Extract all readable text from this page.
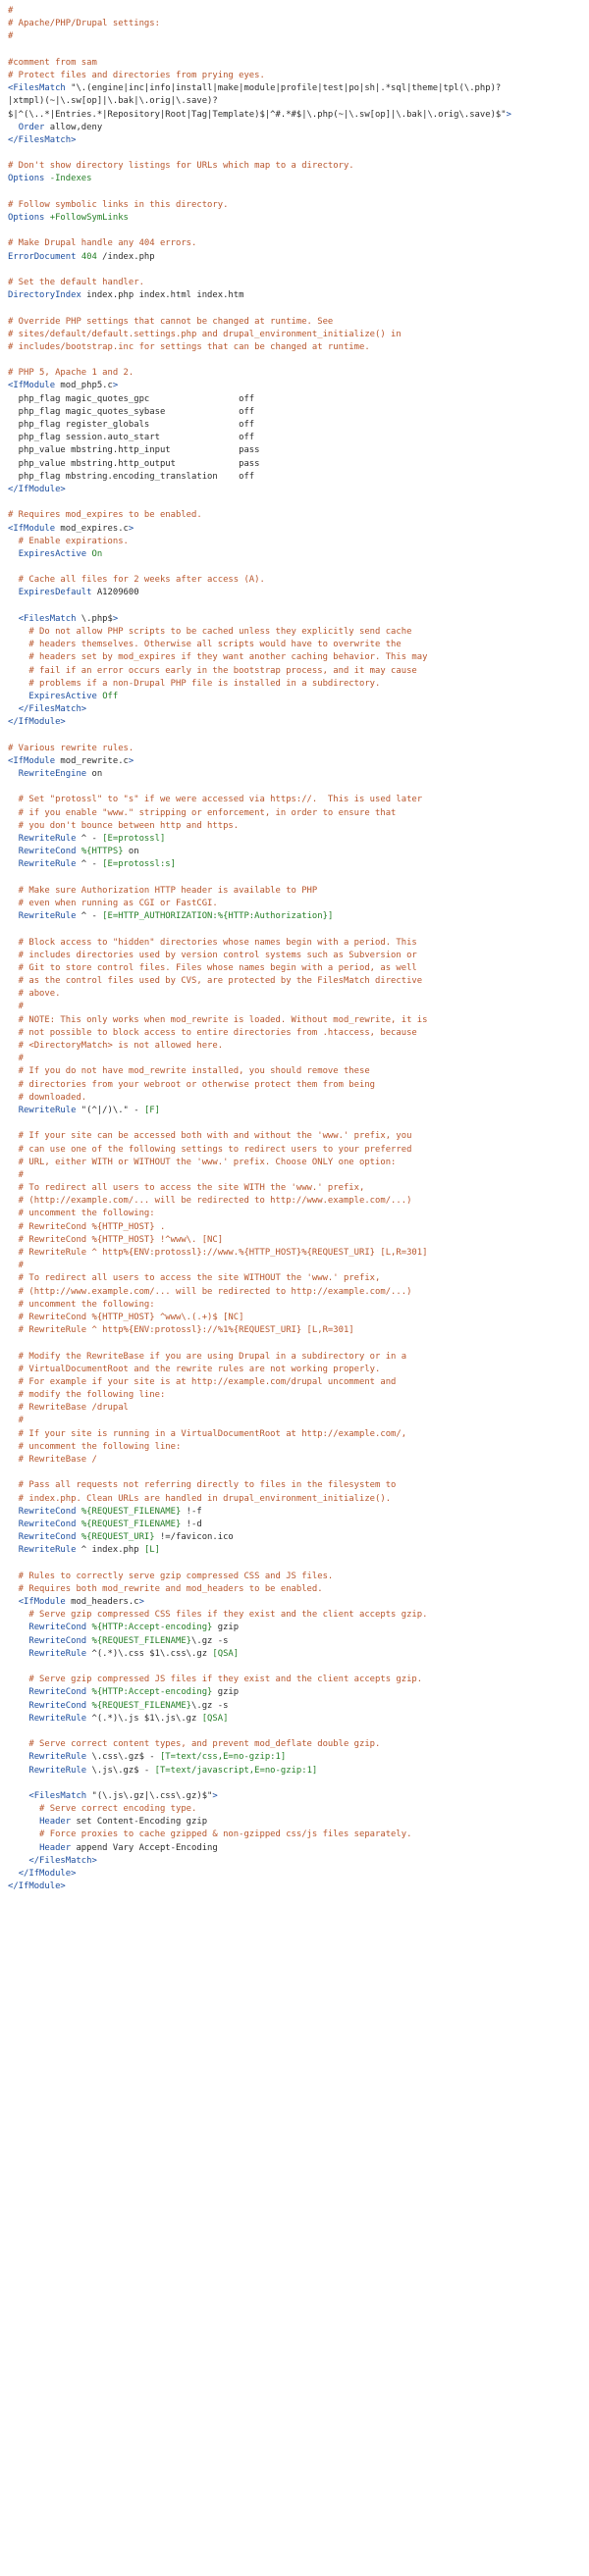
#
# Apache/PHP/Drupal settings:
#
#comment from sam
# Protect files and directories from prying eyes.
<FilesMatch "\.(engine|inc|info|install|make|module|profile|test|po|sh|.*sql|theme|tpl(\.php)?
|xtmpl)(~|\.sw[op]|\.bak|\.orig|\.save)?
$|^(\..*|Entries.*|Repository|Root|Tag|Template)$|^#.*#$|\.php(~|\.sw[op]|\.bak|\.orig\.save)$">
Order allow,deny
</FilesMatch>
# Don't show directory listings for URLs which map to a directory.
Options -Indexes
# Follow symbolic links in this directory.
Options +FollowSymLinks
# Make Drupal handle any 404 errors.
ErrorDocument 404 /index.php
# Set the default handler.
DirectoryIndex index.php index.html index.htm
# Override PHP settings that cannot be changed at runtime. See
# sites/default/default.settings.php and drupal_environment_initialize() in
# includes/bootstrap.inc for settings that can be changed at runtime.
# PHP 5, Apache 1 and 2.
<IfModule mod_php5.c>
php_flag magic_quotes_gpc                 off
php_flag magic_quotes_sybase              off
php_flag register_globals                 off
php_flag session.auto_start               off
php_value mbstring.http_input             pass
php_value mbstring.http_output            pass
php_flag mbstring.encoding_translation    off
</IfModule>
# Requires mod_expires to be enabled.
<IfModule mod_expires.c>
# Enable expirations.
ExpiresActive On
# Cache all files for 2 weeks after access (A).
ExpiresDefault A1209600
<FilesMatch \.php$>
# Do not allow PHP scripts to be cached unless they explicitly send cache
# headers themselves. Otherwise all scripts would have to overwrite the
# headers set by mod_expires if they want another caching behavior. This may
# fail if an error occurs early in the bootstrap process, and it may cause
# problems if a non-Drupal PHP file is installed in a subdirectory.
ExpiresActive Off
</FilesMatch>
</IfModule>
# Various rewrite rules.
<IfModule mod_rewrite.c>
RewriteEngine on
# Set "protossl" to "s" if we were accessed via https://.  This is used later
# if you enable "www." stripping or enforcement, in order to ensure that
# you don't bounce between http and https.
RewriteRule ^ - [E=protossl]
RewriteCond %{HTTPS} on
RewriteRule ^ - [E=protossl:s]
# Make sure Authorization HTTP header is available to PHP
# even when running as CGI or FastCGI.
RewriteRule ^ - [E=HTTP_AUTHORIZATION:%{HTTP:Authorization}]
# Block access to "hidden" directories whose names begin with a period. This
# includes directories used by version control systems such as Subversion or
# Git to store control files. Files whose names begin with a period, as well
# as the control files used by CVS, are protected by the FilesMatch directive
# above.
#
# NOTE: This only works when mod_rewrite is loaded. Without mod_rewrite, it is
# not possible to block access to entire directories from .htaccess, because
# <DirectoryMatch> is not allowed here.
#
# If you do not have mod_rewrite installed, you should remove these
# directories from your webroot or otherwise protect them from being
# downloaded.
RewriteRule "(^|/)\." - [F]
# If your site can be accessed both with and without the 'www.' prefix, you
# can use one of the following settings to redirect users to your preferred
# URL, either WITH or WITHOUT the 'www.' prefix. Choose ONLY one option:
#
# To redirect all users to access the site WITH the 'www.' prefix,
# (http://example.com/... will be redirected to http://www.example.com/...)
# uncomment the following:
# RewriteCond %{HTTP_HOST} .
# RewriteCond %{HTTP_HOST} !^www\. [NC]
# RewriteRule ^ http%{ENV:protossl}://www.%{HTTP_HOST}%{REQUEST_URI} [L,R=301]
#
# To redirect all users to access the site WITHOUT the 'www.' prefix,
# (http://www.example.com/... will be redirected to http://example.com/...)
# uncomment the following:
# RewriteCond %{HTTP_HOST} ^www\.(.+)$ [NC]
# RewriteRule ^ http%{ENV:protossl}://%1%{REQUEST_URI} [L,R=301]
# Modify the RewriteBase if you are using Drupal in a subdirectory or in a
# VirtualDocumentRoot and the rewrite rules are not working properly.
# For example if your site is at http://example.com/drupal uncomment and
# modify the following line:
# RewriteBase /drupal
#
# If your site is running in a VirtualDocumentRoot at http://example.com/,
# uncomment the following line:
# RewriteBase /
# Pass all requests not referring directly to files in the filesystem to
# index.php. Clean URLs are handled in drupal_environment_initialize().
RewriteCond %{REQUEST_FILENAME} !-f
RewriteCond %{REQUEST_FILENAME} !-d
RewriteCond %{REQUEST_URI} !=/favicon.ico
RewriteRule ^ index.php [L]
# Rules to correctly serve gzip compressed CSS and JS files.
# Requires both mod_rewrite and mod_headers to be enabled.
<IfModule mod_headers.c>
# Serve gzip compressed CSS files if they exist and the client accepts gzip.
RewriteCond %{HTTP:Accept-encoding} gzip
RewriteCond %{REQUEST_FILENAME}\.gz -s
RewriteRule ^(.*)\.css $1\.css\.gz [QSA]
# Serve gzip compressed JS files if they exist and the client accepts gzip.
RewriteCond %{HTTP:Accept-encoding} gzip
RewriteCond %{REQUEST_FILENAME}\.gz -s
RewriteRule ^(.*)\.js $1\.js\.gz [QSA]
# Serve correct content types, and prevent mod_deflate double gzip.
RewriteRule \.css\.gz$ - [T=text/css,E=no-gzip:1]
RewriteRule \.js\.gz$ - [T=text/javascript,E=no-gzip:1]
<FilesMatch "(\.js\.gz|\.css\.gz)$">
# Serve correct encoding type.
Header set Content-Encoding gzip
# Force proxies to cache gzipped & non-gzipped css/js files separately.
Header append Vary Accept-Encoding
</FilesMatch>
</IfModule>
</IfModule>
